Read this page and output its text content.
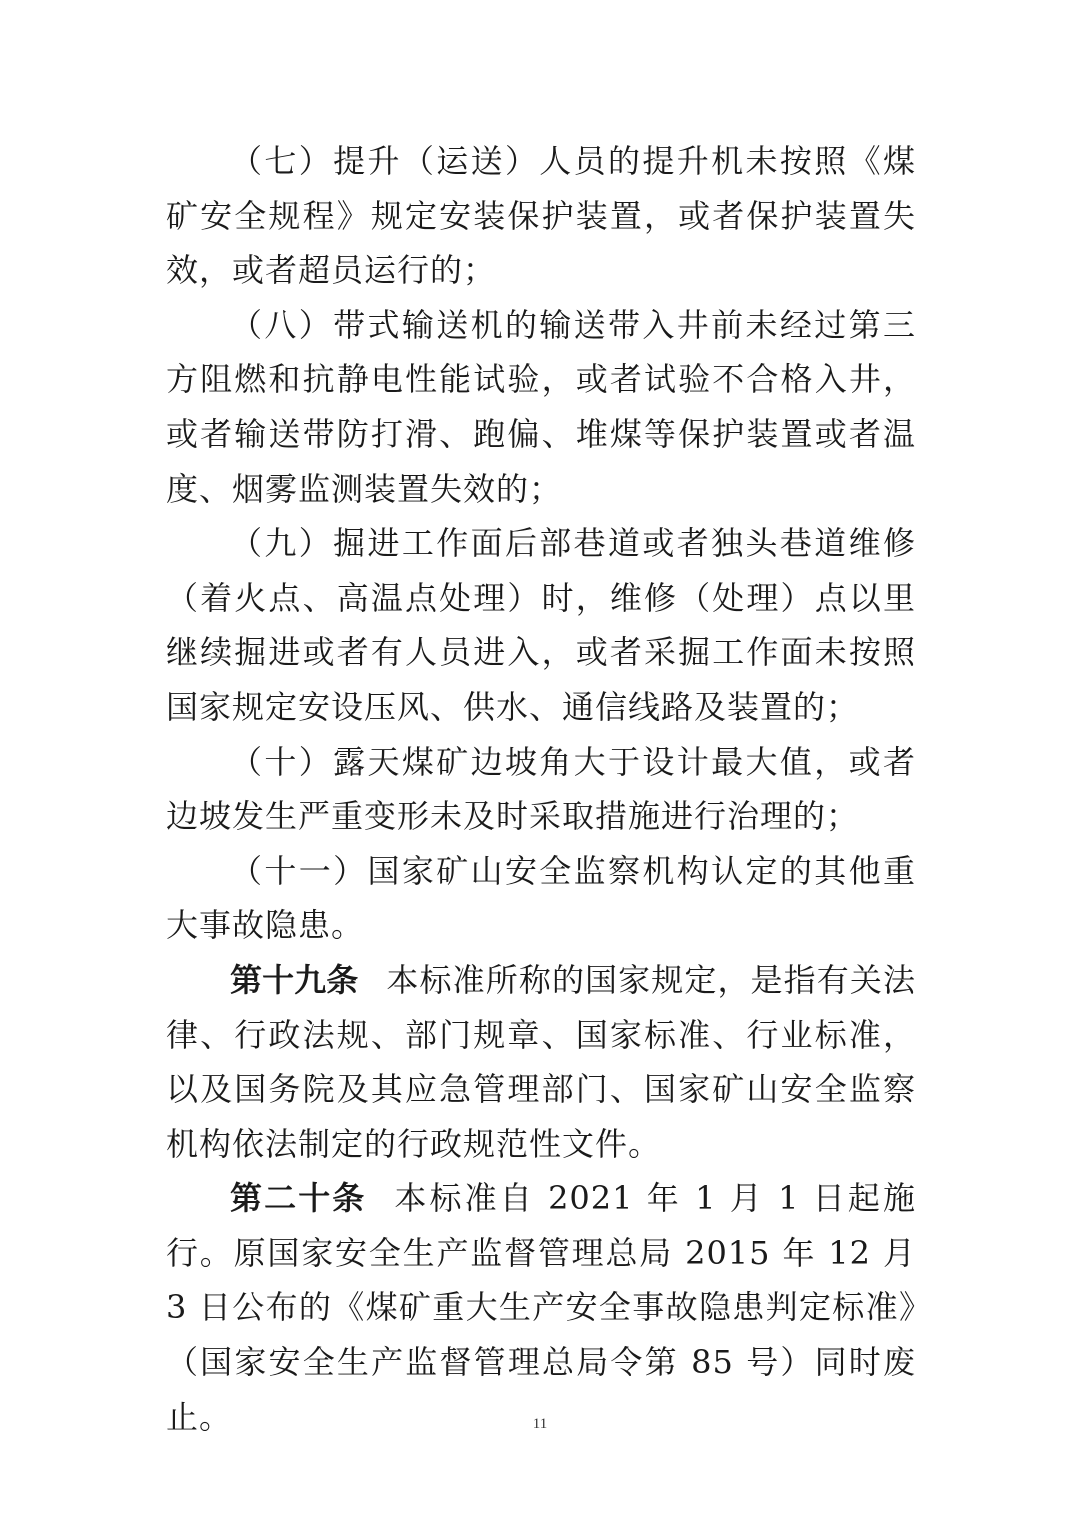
（七）提升（运送）人员的提升机未按照《煤矿安全规程》规定安装保护装置，或者保护装置失效，或者超员运行的；

（八）带式输送机的输送带入井前未经过第三方阻燃和抗静电性能试验，或者试验不合格入井，或者输送带防打滑、跑偏、堆煤等保护装置或者温度、烟雾监测装置失效的；

（九）掘进工作面后部巷道或者独头巷道维修（着火点、高温点处理）时，维修（处理）点以里继续掘进或者有人员进入，或者采掘工作面未按照国家规定安设压风、供水、通信线路及装置的；

（十）露天煤矿边坡角大于设计最大值，或者边坡发生严重变形未及时采取措施进行治理的；

（十一）国家矿山安全监察机构认定的其他重大事故隐患。

第十九条 本标准所称的国家规定，是指有关法律、行政法规、部门规章、国家标准、行业标准，以及国务院及其应急管理部门、国家矿山安全监察机构依法制定的行政规范性文件。

第二十条 本标准自 2021 年 1 月 1 日起施行。原国家安全生产监督管理总局 2015 年 12 月 3 日公布的《煤矿重大生产安全事故隐患判定标准》（国家安全生产监督管理总局令第 85 号）同时废止。	11
